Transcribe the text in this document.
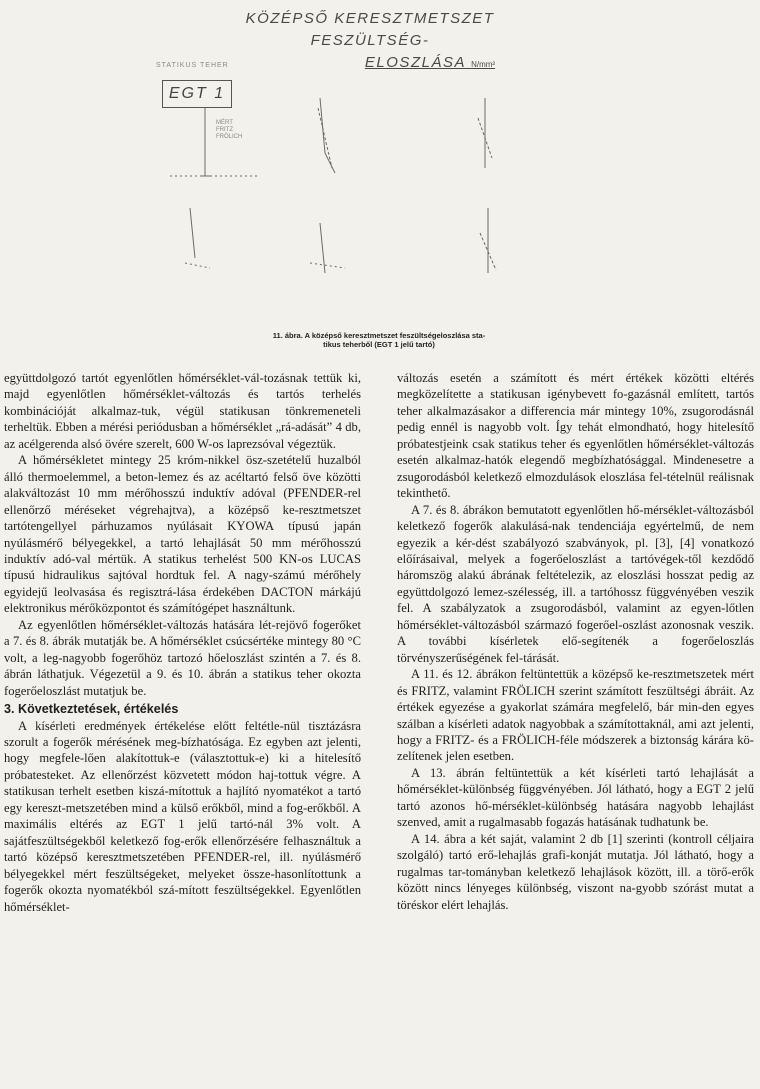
KÖZÉPSŐ KERESZTMETSZET FESZÜLTSÉG-
ELOSZLÁSA N/mm²
STATIKUS TEHER
EGT 1
MÉRT
FRITZ
FRÖLICH
11. ábra. A középső keresztmetszet feszültségeloszlása sta-
tikus teherből (EGT 1 jelű tartó)

együttdolgozó tartót egyenlőtlen hőmérséklet-vál-tozásnak tettük ki, majd egyenlőtlen hőmérséklet-változás és tartós terhelés kombinációját alkalmaz-tuk, végül statikusan tönkremeneteli terheltük. Ebben a mérési periódusban a hőmérséklet „rá-adását” 4 db, az acélgerenda alsó övére szerelt, 600 W-os laprezsóval végeztük.

A hőmérsékletet mintegy 25 króm-nikkel ösz-szetételű huzalból álló thermoelemmel, a beton-lemez és az acéltartó felső öve közötti alakváltozást 10 mm mérőhosszú induktív adóval (PFENDER-rel ellenőrző méréseket végrehajtva), a középső ke-resztmetszet tartótengellyel párhuzamos nyúlásait KYOWA típusú japán nyúlásmérő bélyegekkel, a tartó lehajlását 50 mm mérőhosszú induktív adó-val mértük. A statikus terhelést 500 KN-os LUCAS típusú hidraulikus sajtóval hordtuk fel. A nagy-számú mérőhely egyidejű leolvasása és regisztrá-lása érdekében DACTON márkájú elektronikus mérőközpontot és számítógépet használtunk.

Az egyenlőtlen hőmérséklet-változás hatására lét-rejövő fogerőket a 7. és 8. ábrák mutatják be. A hőmérséklet csúcsértéke mintegy 80 °C volt, a leg-nagyobb fogerőhöz tartozó hőeloszlást szintén a 7. és 8. ábrán láthatjuk. Végezetül a 9. és 10. ábrán a statikus teher okozta fogerőeloszlást mutatjuk be.

3. Következtetések, értékelés

A kísérleti eredmények értékelése előtt feltétle-nül tisztázásra szorult a fogerők mérésének meg-bízhatósága. Ez egyben azt jelenti, hogy megfele-lően alakítottuk-e (választottuk-e) ki a hitelesítő próbatesteket. Az ellenőrzést közvetett módon haj-tottuk végre. A statikusan terhelt esetben kiszá-mítottuk a hajlító nyomatékot a tartó egy kereszt-metszetében mind a külső erőkből, mind a fog-erőkből. A maximális eltérés az EGT 1 jelű tartó-nál 3% volt. A sajátfeszültségekből keletkező fog-erők ellenőrzésére felhasználtuk a tartó középső keresztmetszetében PFENDER-rel, ill. nyúlásmérő bélyegekkel mért feszültségeket, melyeket össze-hasonlítottunk a fogerők okozta nyomatékból szá-mított feszültségekkel. Egyenlőtlen hőmérséklet-

változás esetén a számított és mért értékek közötti eltérés megközelítette a statikusan igénybevett fo-gazásnál említett, tartós teher alkalmazásakor a differencia már mintegy 10%, zsugorodásnál pedig ennél is nagyobb volt. Így tehát elmondható, hogy hitelesítő próbatestjeink csak statikus teher és egyenlőtlen hőmérséklet-változás esetén alkalmaz-hatók elegendő megbízhatósággal. Mindenesetre a zsugorodásból keletkező elmozdulások eloszlása fel-tételnül reálisnak tekinthető.

A 7. és 8. ábrákon bemutatott egyenlőtlen hő-mérséklet-változásból keletkező fogerők alakulásá-nak tendenciája egyértelmű, de nem egyezik a kér-dést szabályozó szabványok, pl. [3], [4] vonatkozó előírásaival, melyek a fogerőeloszlást a tartóvégek-től kezdődő háromszög alakú ábrának feltételezik, az eloszlási hosszat pedig az együttdolgozó lemez-szélesség, ill. a tartóhossz függvényében veszik fel. A szabályzatok a zsugorodásból, valamint az egyen-lőtlen hőmérséklet-változásból származó fogerőel-oszlást azonosnak veszik. A további kísérletek elő-segítenék a fogerőeloszlás törvényszerűségének fel-tárását.

A 11. és 12. ábrákon feltüntettük a középső ke-resztmetszetek mért és FRITZ, valamint FRÖLICH szerint számított feszültségi ábráit. Az értékek egyezése a gyakorlat számára megfelelő, bár min-den egyes szálban a kísérleti adatok nagyobbak a számítottaknál, ami azt jelenti, hogy a FRITZ- és a FRÖLICH-féle módszerek a biztonság kárára kö-zelítenek jelen esetben.

A 13. ábrán feltüntettük a két kísérleti tartó lehajlását a hőmérséklet-különbség függvényében. Jól látható, hogy a EGT 2 jelű tartó azonos hő-mérséklet-különbség hatására nagyobb lehajlást szenved, amit a rugalmasabb fogazás hatásának tudhatunk be.

A 14. ábra a két saját, valamint 2 db [1] szerinti (kontroll céljaira szolgáló) tartó erő-lehajlás grafi-konját mutatja. Jól látható, hogy a rugalmas tar-tományban keletkező lehajlások között, ill. a törő-erők között nincs lényeges különbség, viszont na-gyobb szórást mutat a töréskor elért lehajlás.
